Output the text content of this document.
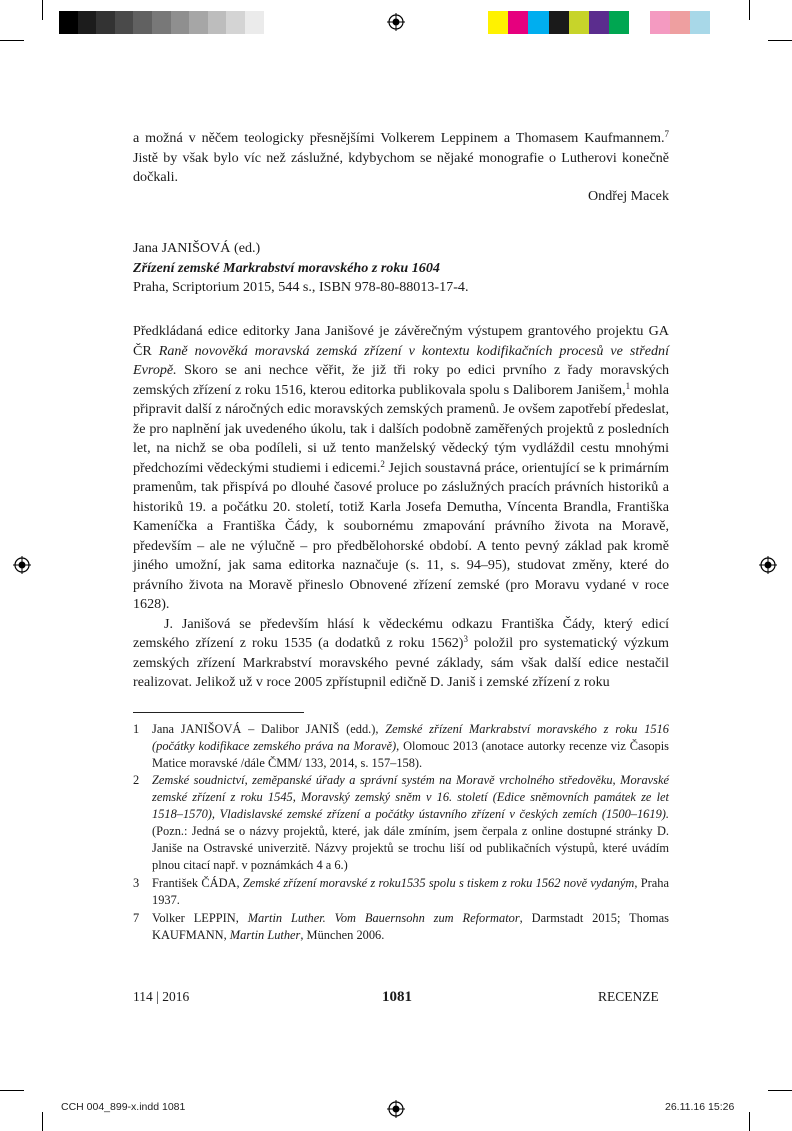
a možná v něčem teologicky přesnějšími Volkerem Leppinem a Thomasem Kaufmannem.$^7$ Jistě by však bylo víc než záslužné, kdybychom se nějaké monografie o Lutherovi konečně dočkali.

Ondřej Macek
Jana JANIŠOVÁ (ed.)
Zřízení zemské Markrabství moravského z roku 1604
Praha, Scriptorium 2015, 544 s., ISBN 978-80-88013-17-4.

Předkládaná edice editorky Jana Janišové je závěrečným výstupem grantového projektu GA ČR Raně novověká moravská zemská zřízení v kontextu kodifikačních procesů ve střední Evropě. Skoro se ani nechce věřit, že již tři roky po edici prvního z řady moravských zemských zřízení z roku 1516, kterou editorka publikovala spolu s Daliborem Janišem,$^1$ mohla připravit další z náročných edic moravských zemských pramenů. Je ovšem zapotřebí předeslat, že pro naplnění jak uvedeného úkolu, tak i dalších podobně zaměřených projektů z posledních let, na nichž se oba podíleli, si už tento manželský vědecký tým vydláždil cestu mnohými předchozími vědeckými studiemi i edicemi.$^2$ Jejich soustavná práce, orientující se k primárním pramenům, tak přispívá po dlouhé časové proluce po záslužných pracích právních historiků a historiků 19. a počátku 20. století, totiž Karla Josefa Demutha, Víncenta Brandla, Františka Kameníčka a Františka Čády, k soubornému zmapování právního života na Moravě, především – ale ne výlučně – pro předbělohorské období. A tento pevný základ pak kromě jiného umožní, jak sama editorka naznačuje (s. 11, s. 94–95), studovat změny, které do právního života na Moravě přineslo Obnovené zřízení zemské (pro Moravu vydané v roce 1628).

J. Janišová se především hlásí k vědeckému odkazu Františka Čády, který edicí zemského zřízení z roku 1535 (a dodatků z roku 1562)$^3$ položil pro systematický výzkum zemských zřízení Markrabství moravského pevné základy, sám však další edice nestačil realizovat. Jelikož už v roce 2005 zpřístupnil edičně D. Janiš i zemské zřízení z roku

1 Jana JANIŠOVÁ – Dalibor JANIŠ (edd.), Zemské zřízení Markrabství moravského z roku 1516 (počátky kodifikace zemského práva na Moravě), Olomouc 2013 (anotace autorky recenze viz Časopis Matice moravské /dále ČMM/ 133, 2014, s. 157–158).
2 Zemské soudnictví, zeměpanské úřady a správní systém na Moravě vrcholného středověku, Moravské zemské zřízení z roku 1545, Moravský zemský sněm v 16. století (Edice sněmovních památek ze let 1518–1570), Vladislavské zemské zřízení a počátky ústavního zřízení v českých zemích (1500–1619). (Pozn.: Jedná se o názvy projektů, které, jak dále zmíním, jsem čerpala z online dostupné stránky D. Janiše na Ostravské univerzitě. Názvy projektů se trochu liší od publikačních výstupů, které uvádím plnou citací např. v poznámkách 4 a 6.)
3 František ČÁDA, Zemské zřízení moravské z roku1535 spolu s tiskem z roku 1562 nově vydaným, Praha 1937.
7 Volker LEPPIN, Martin Luther. Vom Bauernsohn zum Reformator, Darmstadt 2015; Thomas KAUFMANN, Martin Luther, München 2006.
114 | 2016	1081	RECENZE
CCH 004_899-x.indd 1081	26.11.16 15:26
